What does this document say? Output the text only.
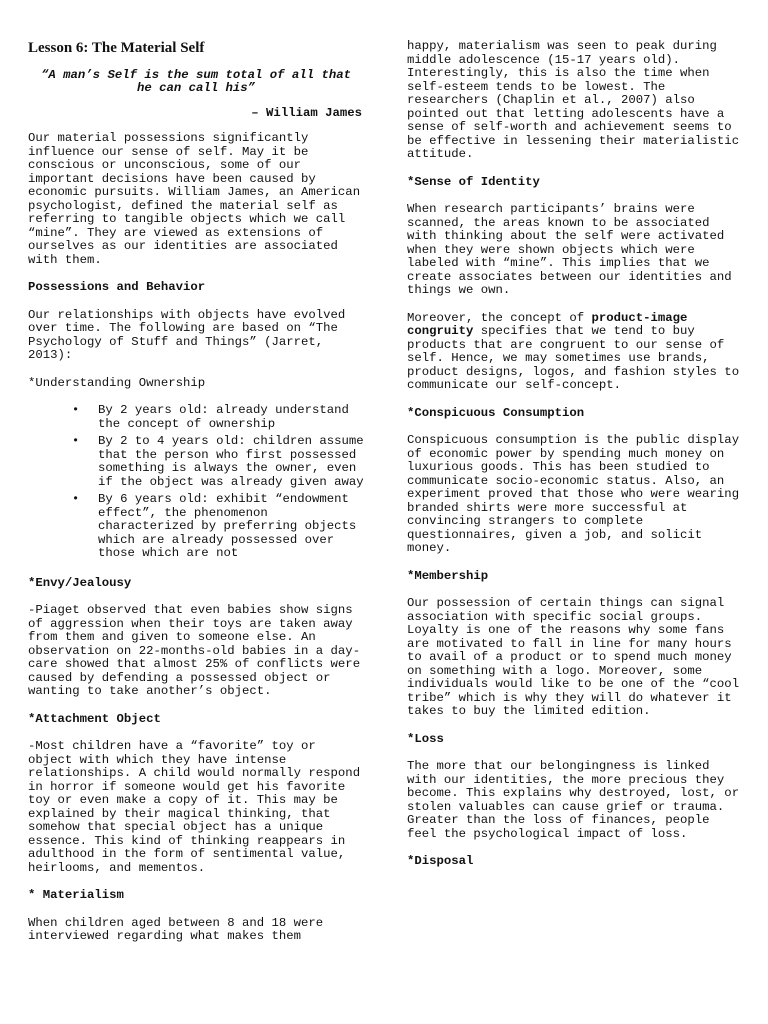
Lesson 6: The Material Self
“A man’s Self is the sum total of all that he can call his”
– William James

Our material possessions significantly influence our sense of self. May it be conscious or unconscious, some of our important decisions have been caused by economic pursuits. William James, an American psychologist, defined the material self as referring to tangible objects which we call “mine”. They are viewed as extensions of ourselves as our identities are associated with them.

Possessions and Behavior

Our relationships with objects have evolved over time. The following are based on “The Psychology of Stuff and Things” (Jarret, 2013):

*Understanding Ownership
• By 2 years old: already understand the concept of ownership
• By 2 to 4 years old: children assume that the person who first possessed something is always the owner, even if the object was already given away
• By 6 years old: exhibit “endowment effect”, the phenomenon characterized by preferring objects which are already possessed over those which are not
*Envy/Jealousy

-Piaget observed that even babies show signs of aggression when their toys are taken away from them and given to someone else. An observation on 22-months-old babies in a day-care showed that almost 25% of conflicts were caused by defending a possessed object or wanting to take another’s object.

*Attachment Object

-Most children have a “favorite” toy or object with which they have intense relationships. A child would normally respond in horror if someone would get his favorite toy or even make a copy of it. This may be explained by their magical thinking, that somehow that special object has a unique essence. This kind of thinking reappears in adulthood in the form of sentimental value, heirlooms, and mementos.

* Materialism

When children aged between 8 and 18 were interviewed regarding what makes them

happy, materialism was seen to peak during middle adolescence (15-17 years old). Interestingly, this is also the time when self-esteem tends to be lowest. The researchers (Chaplin et al., 2007) also pointed out that letting adolescents have a sense of self-worth and achievement seems to be effective in lessening their materialistic attitude.

*Sense of Identity

When research participants’ brains were scanned, the areas known to be associated with thinking about the self were activated when they were shown objects which were labeled with “mine”. This implies that we create associates between our identities and things we own.

Moreover, the concept of product-image congruity specifies that we tend to buy products that are congruent to our sense of self. Hence, we may sometimes use brands, product designs, logos, and fashion styles to communicate our self-concept.

*Conspicuous Consumption

Conspicuous consumption is the public display of economic power by spending much money on luxurious goods. This has been studied to communicate socio-economic status. Also, an experiment proved that those who were wearing branded shirts were more successful at convincing strangers to complete questionnaires, given a job, and solicit money.

*Membership

Our possession of certain things can signal association with specific social groups. Loyalty is one of the reasons why some fans are motivated to fall in line for many hours to avail of a product or to spend much money on something with a logo. Moreover, some individuals would like to be one of the “cool tribe” which is why they will do whatever it takes to buy the limited edition.

*Loss

The more that our belongingness is linked with our identities, the more precious they become. This explains why destroyed, lost, or stolen valuables can cause grief or trauma. Greater than the loss of finances, people feel the psychological impact of loss.

*Disposal
